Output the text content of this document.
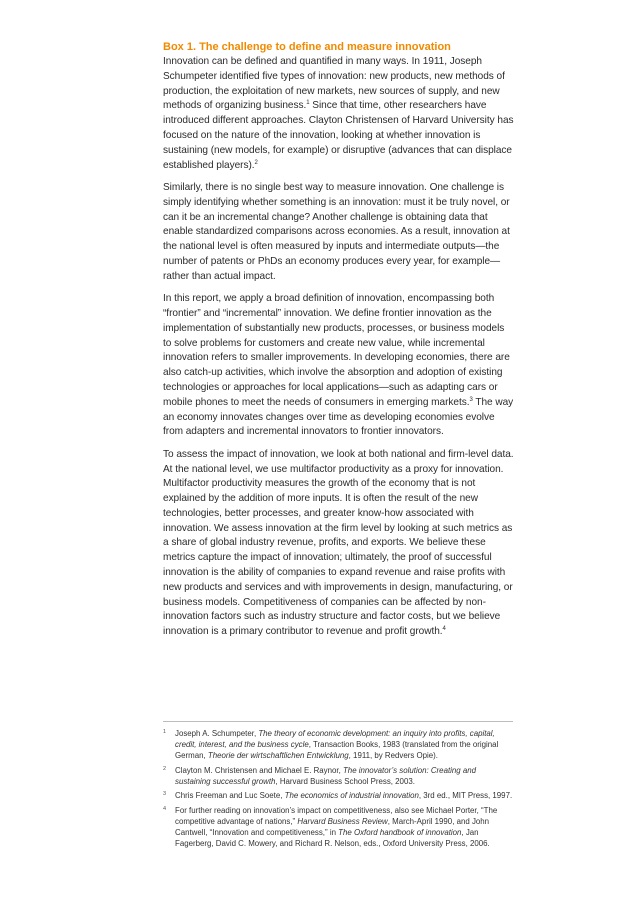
Box 1. The challenge to define and measure innovation

Innovation can be defined and quantified in many ways. In 1911, Joseph Schumpeter identified five types of innovation: new products, new methods of production, the exploitation of new markets, new sources of supply, and new methods of organizing business.$^1$ Since that time, other researchers have introduced different approaches. Clayton Christensen of Harvard University has focused on the nature of the innovation, looking at whether innovation is sustaining (new models, for example) or disruptive (advances that can displace established players).$^2$

Similarly, there is no single best way to measure innovation. One challenge is simply identifying whether something is an innovation: must it be truly novel, or can it be an incremental change? Another challenge is obtaining data that enable standardized comparisons across economies. As a result, innovation at the national level is often measured by inputs and intermediate outputs—the number of patents or PhDs an economy produces every year, for example—rather than actual impact.

In this report, we apply a broad definition of innovation, encompassing both “frontier” and “incremental” innovation. We define frontier innovation as the implementation of substantially new products, processes, or business models to solve problems for customers and create new value, while incremental innovation refers to smaller improvements. In developing economies, there are also catch-up activities, which involve the absorption and adoption of existing technologies or approaches for local applications—such as adapting cars or mobile phones to meet the needs of consumers in emerging markets.$^3$ The way an economy innovates changes over time as developing economies evolve from adapters and incremental innovators to frontier innovators.

To assess the impact of innovation, we look at both national and firm-level data. At the national level, we use multifactor productivity as a proxy for innovation. Multifactor productivity measures the growth of the economy that is not explained by the addition of more inputs. It is often the result of the new technologies, better processes, and greater know-how associated with innovation. We assess innovation at the firm level by looking at such metrics as a share of global industry revenue, profits, and exports. We believe these metrics capture the impact of innovation; ultimately, the proof of successful innovation is the ability of companies to expand revenue and raise profits with new products and services and with improvements in design, manufacturing, or business models. Competitiveness of companies can be affected by non-innovation factors such as industry structure and factor costs, but we believe innovation is a primary contributor to revenue and profit growth.$^4$

1	Joseph A. Schumpeter, The theory of economic development: an inquiry into profits, capital, credit, interest, and the business cycle, Transaction Books, 1983 (translated from the original German, Theorie der wirtschaftlichen Entwicklung, 1911, by Redvers Opie).
2	Clayton M. Christensen and Michael E. Raynor, The innovator’s solution: Creating and sustaining successful growth, Harvard Business School Press, 2003.
3	Chris Freeman and Luc Soete, The economics of industrial innovation, 3rd ed., MIT Press, 1997.
4	For further reading on innovation’s impact on competitiveness, also see Michael Porter, “The competitive advantage of nations,” Harvard Business Review, March-April 1990, and John Cantwell, “Innovation and competitiveness,” in The Oxford handbook of innovation, Jan Fagerberg, David C. Mowery, and Richard R. Nelson, eds., Oxford University Press, 2006.
